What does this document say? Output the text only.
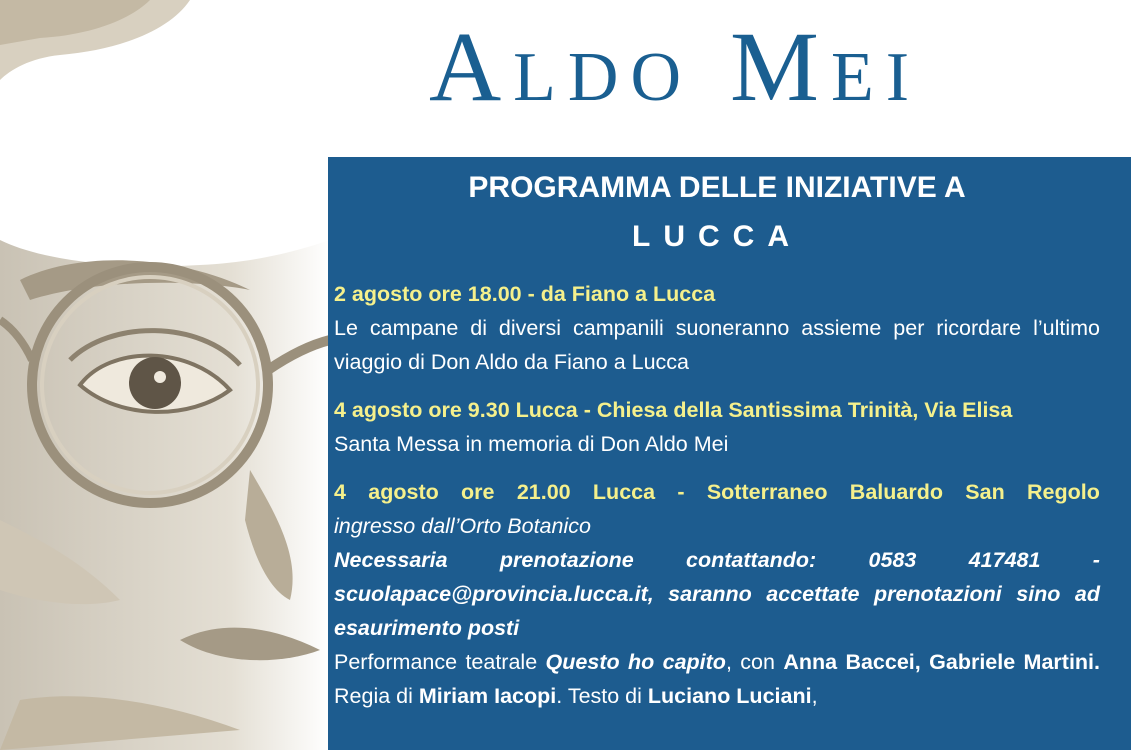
Aldo Mei

PROGRAMMA DELLE INIZIATIVE A

LUCCA

2 agosto ore 18.00 - da Fiano a Lucca
Le campane di diversi campanili suoneranno assieme per ricordare l’ultimo viaggio di Don Aldo da Fiano a Lucca
4 agosto ore 9.30 Lucca - Chiesa della Santissima Trinità, Via Elisa
Santa Messa in memoria di Don Aldo Mei
4 agosto ore 21.00 Lucca - Sotterraneo Baluardo San Regolo
ingresso dall’Orto Botanico
Necessaria prenotazione contattando: 0583 417481 -
scuolapace@provincia.lucca.it, saranno accettate prenotazioni sino ad esaurimento posti
Performance teatrale Questo ho capito, con Anna Baccei, Gabriele Martini. Regia di Miriam Iacopi. Testo di Luciano Luciani,
